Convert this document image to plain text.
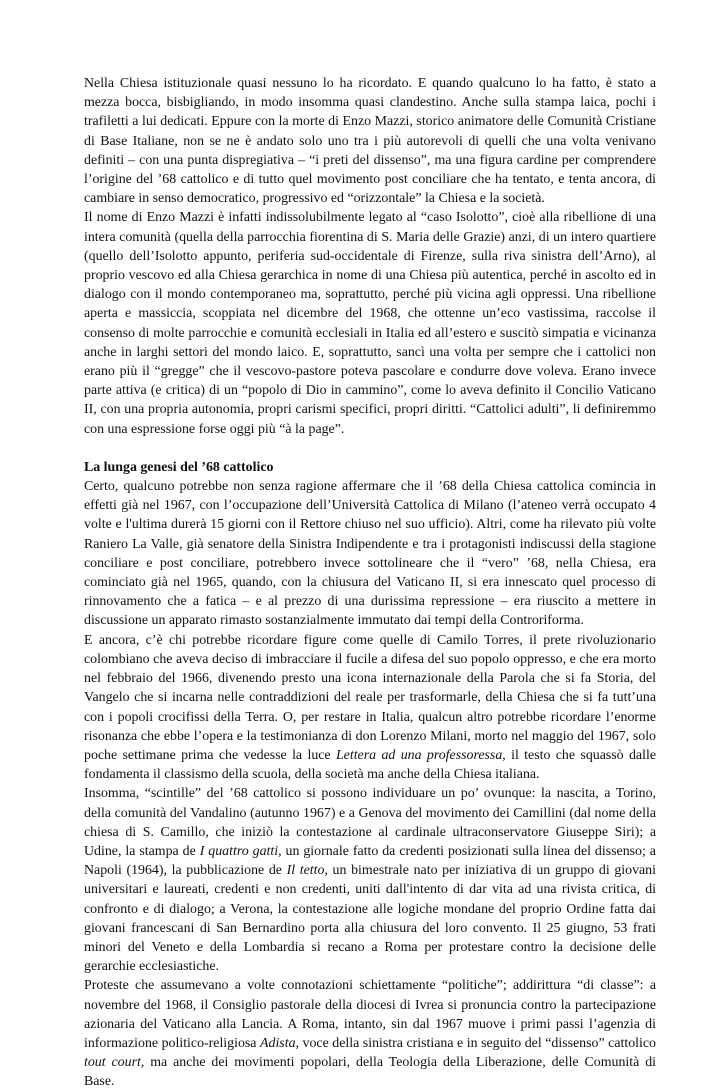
Nella Chiesa istituzionale quasi nessuno lo ha ricordato. E quando qualcuno lo ha fatto, è stato a mezza bocca, bisbigliando, in modo insomma quasi clandestino. Anche sulla stampa laica, pochi i trafiletti a lui dedicati. Eppure con la morte di Enzo Mazzi, storico animatore delle Comunità Cristiane di Base Italiane, non se ne è andato solo uno tra i più autorevoli di quelli che una volta venivano definiti – con una punta dispregiativa – “i preti del dissenso”, ma una figura cardine per comprendere l’origine del ’68 cattolico e di tutto quel movimento post conciliare che ha tentato, e tenta ancora, di cambiare in senso democratico, progressivo ed “orizzontale” la Chiesa e la società.

Il nome di Enzo Mazzi è infatti indissolubilmente legato al “caso Isolotto”, cioè alla ribellione di una intera comunità (quella della parrocchia fiorentina di S. Maria delle Grazie) anzi, di un intero quartiere (quello dell’Isolotto appunto, periferia sud-occidentale di Firenze, sulla riva sinistra dell’Arno), al proprio vescovo ed alla Chiesa gerarchica in nome di una Chiesa più autentica, perché in ascolto ed in dialogo con il mondo contemporaneo ma, soprattutto, perché più vicina agli oppressi. Una ribellione aperta e massiccia, scoppiata nel dicembre del 1968, che ottenne un’eco vastissima, raccolse il consenso di molte parrocchie e comunità ecclesiali in Italia ed all’estero e suscitò simpatia e vicinanza anche in larghi settori del mondo laico. E, soprattutto, sancì una volta per sempre che i cattolici non erano più il “gregge” che il vescovo-pastore poteva pascolare e condurre dove voleva. Erano invece parte attiva (e critica) di un “popolo di Dio in cammino”, come lo aveva definito il Concilio Vaticano II, con una propria autonomia, propri carismi specifici, propri diritti. “Cattolici adulti”, li definiremmo con una espressione forse oggi più “à la page”.

La lunga genesi del ’68 cattolico

Certo, qualcuno potrebbe non senza ragione affermare che il ’68 della Chiesa cattolica comincia in effetti già nel 1967, con l’occupazione dell’Università Cattolica di Milano (l’ateneo verrà occupato 4 volte e l'ultima durerà 15 giorni con il Rettore chiuso nel suo ufficio). Altri, come ha rilevato più volte Raniero La Valle, già senatore della Sinistra Indipendente e tra i protagonisti indiscussi della stagione conciliare e post conciliare, potrebbero invece sottolineare che il “vero” ’68, nella Chiesa, era cominciato già nel 1965, quando, con la chiusura del Vaticano II, si era innescato quel processo di rinnovamento che a fatica – e al prezzo di una durissima repressione – era riuscito a mettere in discussione un apparato rimasto sostanzialmente immutato dai tempi della Controriforma.

E ancora, c’è chi potrebbe ricordare figure come quelle di Camilo Torres, il prete rivoluzionario colombiano che aveva deciso di imbracciare il fucile a difesa del suo popolo oppresso, e che era morto nel febbraio del 1966, divenendo presto una icona internazionale della Parola che si fa Storia, del Vangelo che si incarna nelle contraddizioni del reale per trasformarle, della Chiesa che si fa tutt’una con i popoli crocifissi della Terra. O, per restare in Italia, qualcun altro potrebbe ricordare l’enorme risonanza che ebbe l’opera e la testimonianza di don Lorenzo Milani, morto nel maggio del 1967, solo poche settimane prima che vedesse la luce Lettera ad una professoressa, il testo che squassò dalle fondamenta il classismo della scuola, della società ma anche della Chiesa italiana.

Insomma, “scintille” del ’68 cattolico si possono individuare un po’ ovunque: la nascita, a Torino, della comunità del Vandalino (autunno 1967) e a Genova del movimento dei Camillini (dal nome della chiesa di S. Camillo, che iniziò la contestazione al cardinale ultraconservatore Giuseppe Siri); a Udine, la stampa de I quattro gatti, un giornale fatto da credenti posizionati sulla linea del dissenso; a Napoli (1964), la pubblicazione de Il tetto, un bimestrale nato per iniziativa di un gruppo di giovani universitari e laureati, credenti e non credenti, uniti dall'intento di dar vita ad una rivista critica, di confronto e di dialogo; a Verona, la contestazione alle logiche mondane del proprio Ordine fatta dai giovani francescani di San Bernardino porta alla chiusura del loro convento. Il 25 giugno, 53 frati minori del Veneto e della Lombardia si recano a Roma per protestare contro la decisione delle gerarchie ecclesiastiche.

Proteste che assumevano a volte connotazioni schiettamente “politiche”; addirittura “di classe”: a novembre del 1968, il Consiglio pastorale della diocesi di Ivrea si pronuncia contro la partecipazione azionaria del Vaticano alla Lancia. A Roma, intanto, sin dal 1967 muove i primi passi l’agenzia di informazione politico-religiosa Adista, voce della sinistra cristiana e in seguito del “dissenso” cattolico tout court, ma anche dei movimenti popolari, della Teologia della Liberazione, delle Comunità di Base.
